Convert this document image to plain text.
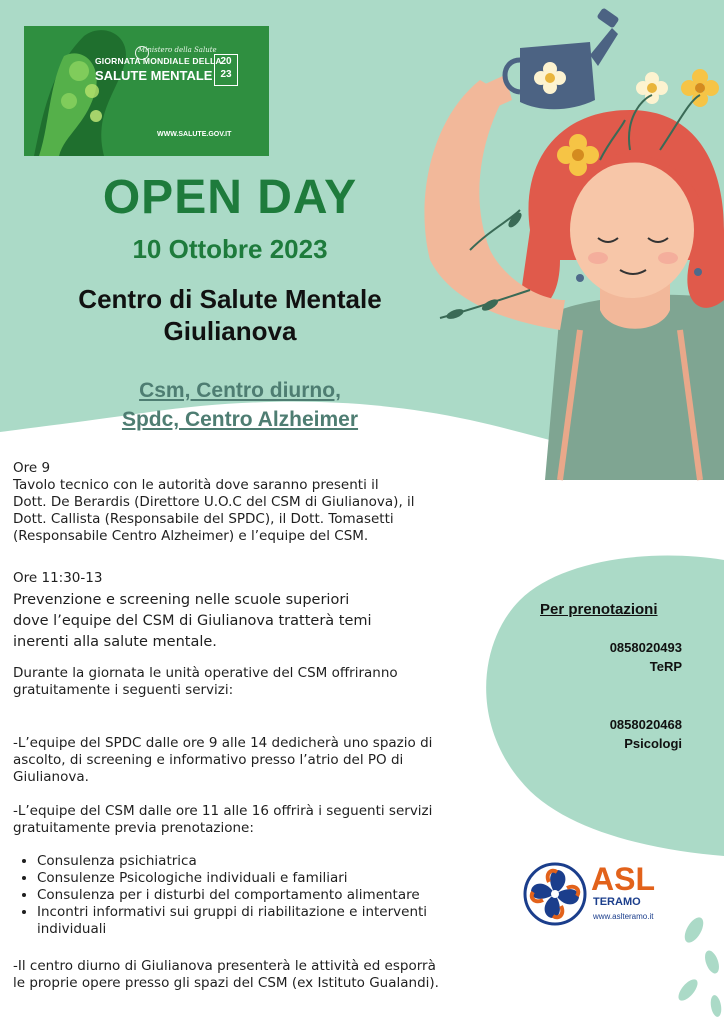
Ministero della Salute
GIORNATA MONDIALE DELLA
SALUTE MENTALE
20
23
WWW.SALUTE.GOV.IT
OPEN DAY
10 Ottobre 2023
Centro di Salute Mentale
Giulianova
Csm, Centro diurno,
Spdc, Centro Alzheimer
Ore 9
Tavolo tecnico con le autorità dove saranno presenti il
Dott. De Berardis (Direttore U.O.C del CSM di Giulianova), il
Dott. Callista (Responsabile del SPDC), il Dott. Tomasetti
(Responsabile Centro Alzheimer) e l’equipe del CSM.
Ore 11:30-13
Prevenzione e screening nelle scuole superiori
dove l’equipe del CSM di Giulianova tratterà temi
inerenti alla salute mentale.
Durante la giornata le unità operative del CSM offriranno
gratuitamente i seguenti servizi:
-L’equipe del SPDC dalle ore 9 alle 14 dedicherà uno spazio di
ascolto, di screening e informativo presso l’atrio del PO di
Giulianova.
-L’equipe del CSM dalle ore 11 alle 16 offrirà i seguenti servizi
gratuitamente previa prenotazione:
• Consulenza psichiatrica
• Consulenze Psicologiche individuali e familiari
• Consulenza per i disturbi del comportamento alimentare
• Incontri informativi sui gruppi di riabilitazione e interventi individuali
-Il centro diurno di Giulianova presenterà le attività ed esporrà
le proprie opere presso gli spazi del CSM (ex Istituto Gualandi).
Per prenotazioni
0858020493
TeRP
0858020468
Psicologi
ASL
TERAMO
www.aslteramo.it
